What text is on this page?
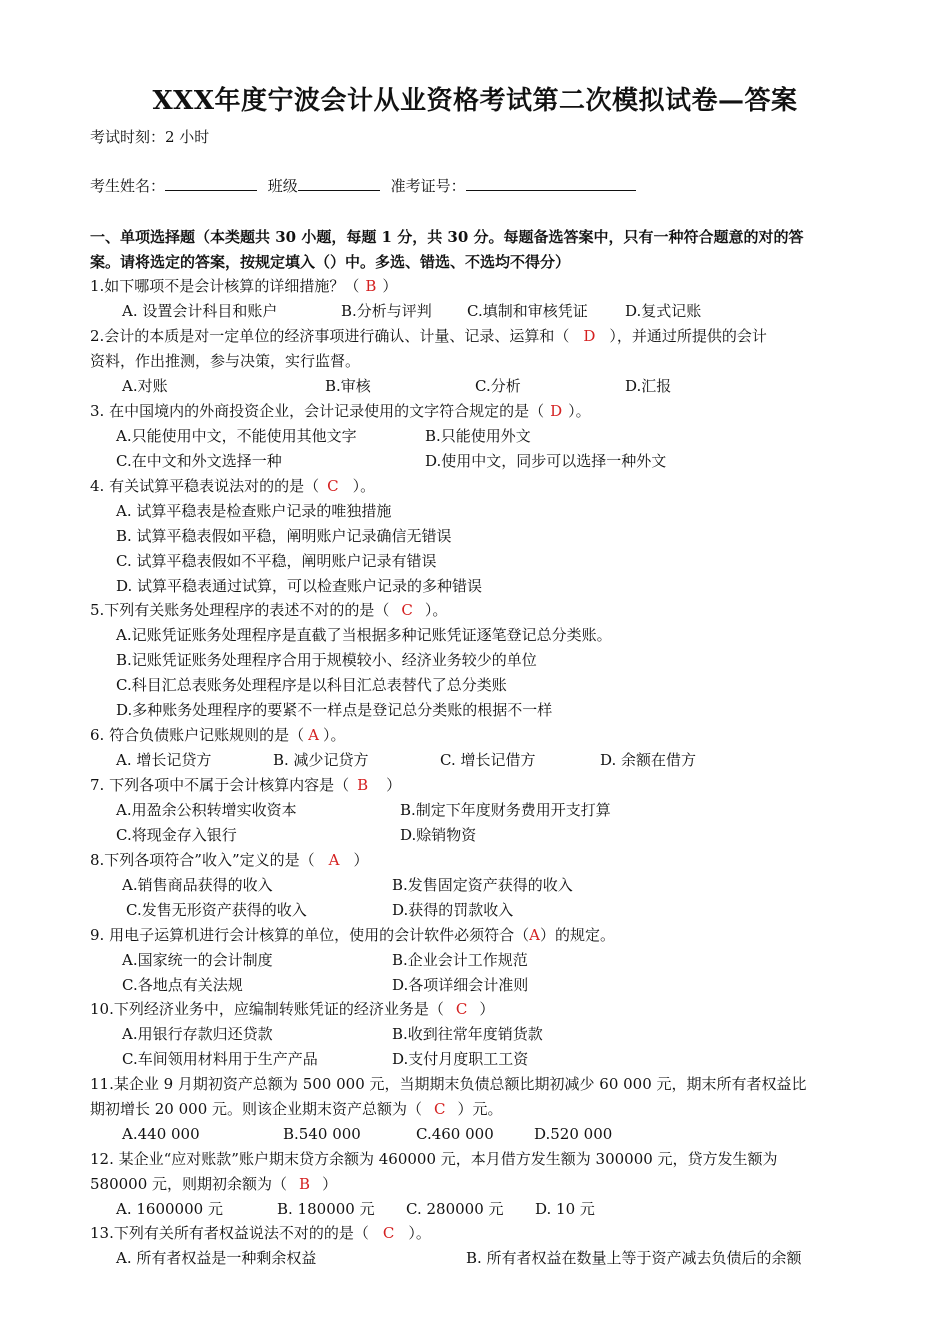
XXX年度宁波会计从业资格考试第二次模拟试卷—答案
考试时刻：2 小时
考生姓名：	班级	准考证号：
一、单项选择题（本类题共 30 小题，每题 1 分，共 30 分。每题备选答案中，只有一种符合题意的对的答
案。请将选定的答案，按规定填入（）中。多选、错选、不选均不得分）
1.如下哪项不是会计核算的详细措施？（ B ）
A. 设置会计科目和账户	B.分析与评判 C.填制和审核凭证 D.复式记账
2.会计的本质是对一定单位的经济事项进行确认、计量、记录、运算和（ D ），并通过所提供的会计
资料，作出推测，参与决策，实行监督。
A.对账	B.审核	C.分析	D.汇报
3. 在中国境内的外商投资企业，会计记录使用的文字符合规定的是（ D ）。
A.只能使用中文，不能使用其他文字	B.只能使用外文
C.在中文和外文选择一种	D.使用中文，同步可以选择一种外文
4. 有关试算平稳表说法对的的是（ C ）。
A. 试算平稳表是检查账户记录的唯独措施
B. 试算平稳表假如平稳，阐明账户记录确信无错误
C. 试算平稳表假如不平稳，阐明账户记录有错误
D. 试算平稳表通过试算，可以检查账户记录的多种错误
5.下列有关账务处理程序的表述不对的的是（ C ）。
A.记账凭证账务处理程序是直截了当根据多种记账凭证逐笔登记总分类账。
B.记账凭证账务处理程序合用于规模较小、经济业务较少的单位
C.科目汇总表账务处理程序是以科目汇总表替代了总分类账
D.多种账务处理程序的要紧不一样点是登记总分类账的根据不一样
6. 符合负债账户记账规则的是（ A ）。
A. 增长记贷方	B. 减少记贷方	C. 增长记借方	D. 余额在借方
7. 下列各项中不属于会计核算内容是（ B ）
A.用盈余公积转增实收资本	B.制定下年度财务费用开支打算
C.将现金存入银行	D.赊销物资
8.下列各项符合”收入”定义的是（ A ）
A.销售商品获得的收入	B.发售固定资产获得的收入
C.发售无形资产获得的收入	D.获得的罚款收入
9. 用电子运算机进行会计核算的单位，使用的会计软件必须符合（A）的规定。
A.国家统一的会计制度	B.企业会计工作规范
C.各地点有关法规	D.各项详细会计准则
10.下列经济业务中，应编制转账凭证的经济业务是（ C ）
A.用银行存款归还贷款	B.收到往常年度销货款
C.车间领用材料用于生产产品	D.支付月度职工工资
11.某企业 9 月期初资产总额为 500 000 元，当期期末负债总额比期初减少 60 000 元，期末所有者权益比
期初增长 20 000 元。则该企业期末资产总额为（ C ）元。
A.440 000	B.540 000	C.460 000	D.520 000
12. 某企业“应对账款”账户期末贷方余额为 460000 元，本月借方发生额为 300000 元，贷方发生额为
580000 元，则期初余额为（ B ）
A. 1600000 元	B. 180000 元 C. 280000 元 D. 10 元
13.下列有关所有者权益说法不对的的是（ C ）。
A. 所有者权益是一种剩余权益	B. 所有者权益在数量上等于资产减去负债后的余额
